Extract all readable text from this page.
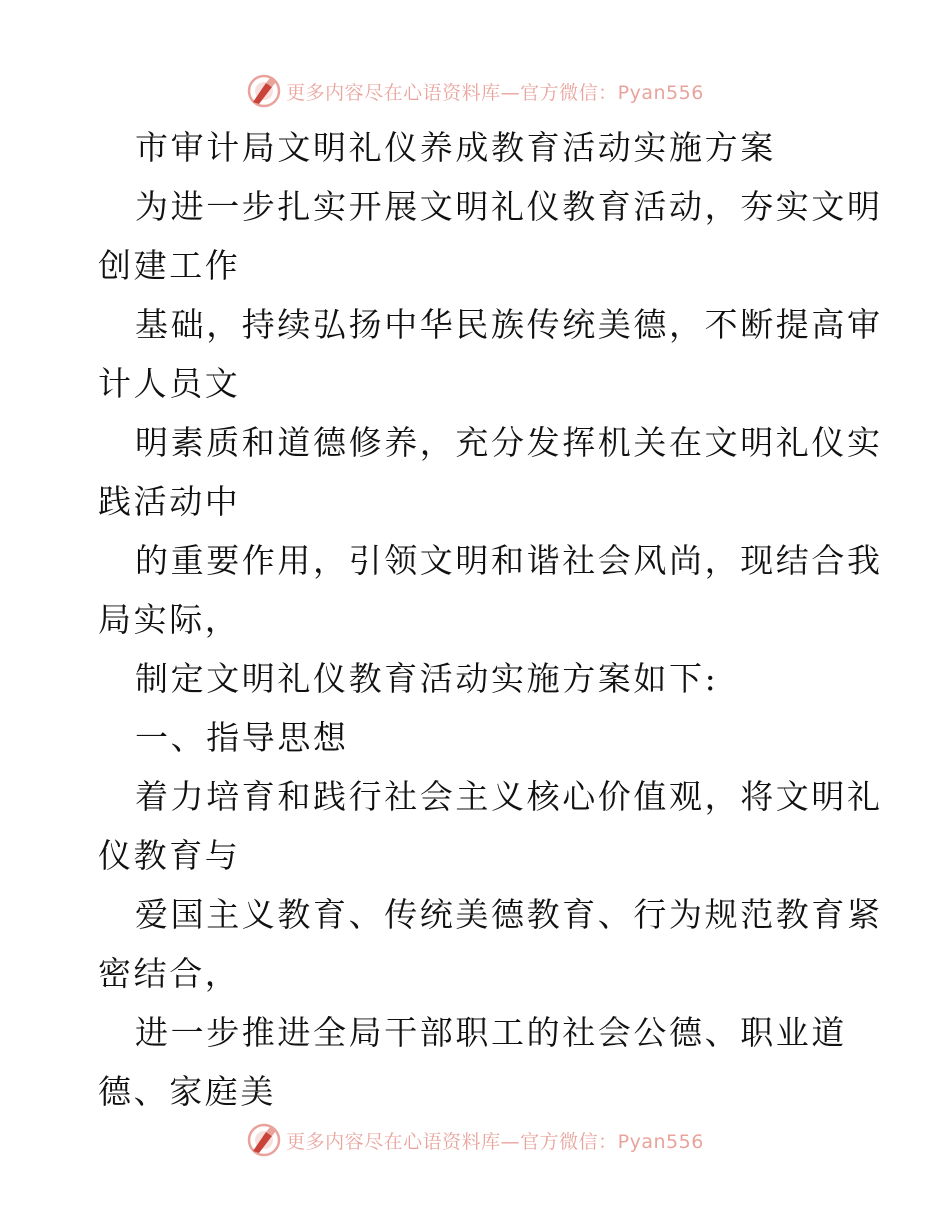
更多内容尽在心语资料库—官方微信：Pyan556
市审计局文明礼仪养成教育活动实施方案
为进一步扎实开展文明礼仪教育活动，夯实文明
创建工作
基础，持续弘扬中华民族传统美德，不断提高审
计人员文
明素质和道德修养，充分发挥机关在文明礼仪实
践活动中
的重要作用，引领文明和谐社会风尚，现结合我
局实际，
制定文明礼仪教育活动实施方案如下:
一、指导思想
着力培育和践行社会主义核心价值观，将文明礼
仪教育与
爱国主义教育、传统美德教育、行为规范教育紧
密结合，
进一步推进全局干部职工的社会公德、职业道
德、家庭美
更多内容尽在心语资料库—官方微信：Pyan556
